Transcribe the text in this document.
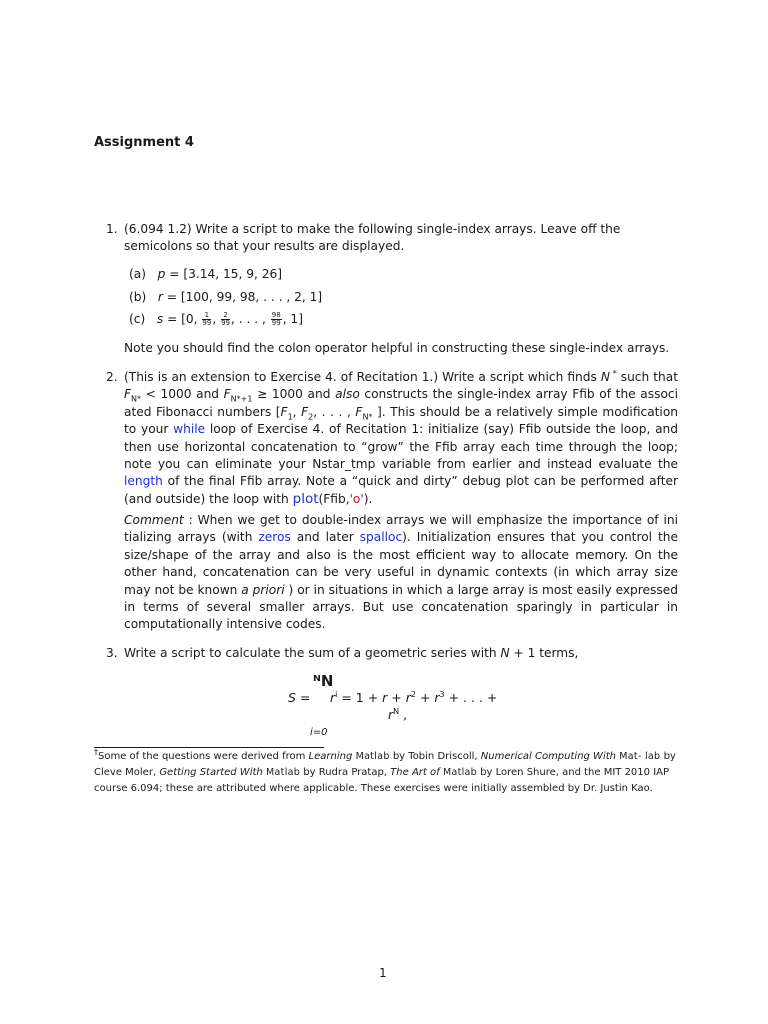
Assignment 4
1. (6.094 1.2) Write a script to make the following single-index arrays. Leave off the semicolons so that your results are displayed.
(a) p = [3.14, 15, 9, 26]
(b) r = [100, 99, 98, . . . , 2, 1]
(c) s = [0, $\frac{1}{99}$ , $\frac{2}{99}$ , . . . , $\frac{98}{99}$ , 1]
Note you should find the colon operator helpful in constructing these single-index arrays.
2. (This is an extension to Exercise 4. of Recitation 1.) Write a script which finds N * such that $F_{N*} < 1000$ and $F_{N*+1} \ge 1000$ and also constructs the single-index array Ffib of the associ ated Fibonacci numbers [$F_1$, $F_2$, . . . , $F_{N*}$ ]. This should be a relatively simple modification to your while loop of Exercise 4. of Recitation 1: initialize (say) Ffib outside the loop, and then use horizontal concatenation to “grow” the Ffib array each time through the loop; note you can eliminate your Nstar_tmp variable from earlier and instead evaluate the length of the final Ffib array. Note a “quick and dirty” debug plot can be performed after (and outside) the loop with plot(Ffib,'o').
Comment : When we get to double-index arrays we will emphasize the importance of ini tializing arrays (with zeros and later spalloc). Initialization ensures that you control the size/shape of the array and also is the most efficient way to allocate memory. On the other hand, concatenation can be very useful in dynamic contexts (in which array size may not be known a priori ) or in situations in which a large array is most easily expressed in terms of several smaller arrays. But use concatenation sparingly in particular in computationally intensive codes.
3. Write a script to calculate the sum of a geometric series with N + 1 terms,
ᴺN
$S = r^i = 1 + r + r^2 + r^3$ + . . . +
$r^N$ ,
i=0
†Some of the questions were derived from Learning Matlab by Tobin Driscoll, Numerical Computing With Mat- lab by Cleve Moler, Getting Started With Matlab by Rudra Pratap, The Art of Matlab by Loren Shure, and the MIT 2010 IAP course 6.094; these are attributed where applicable. These exercises were initially assembled by Dr. Justin Kao.
1
